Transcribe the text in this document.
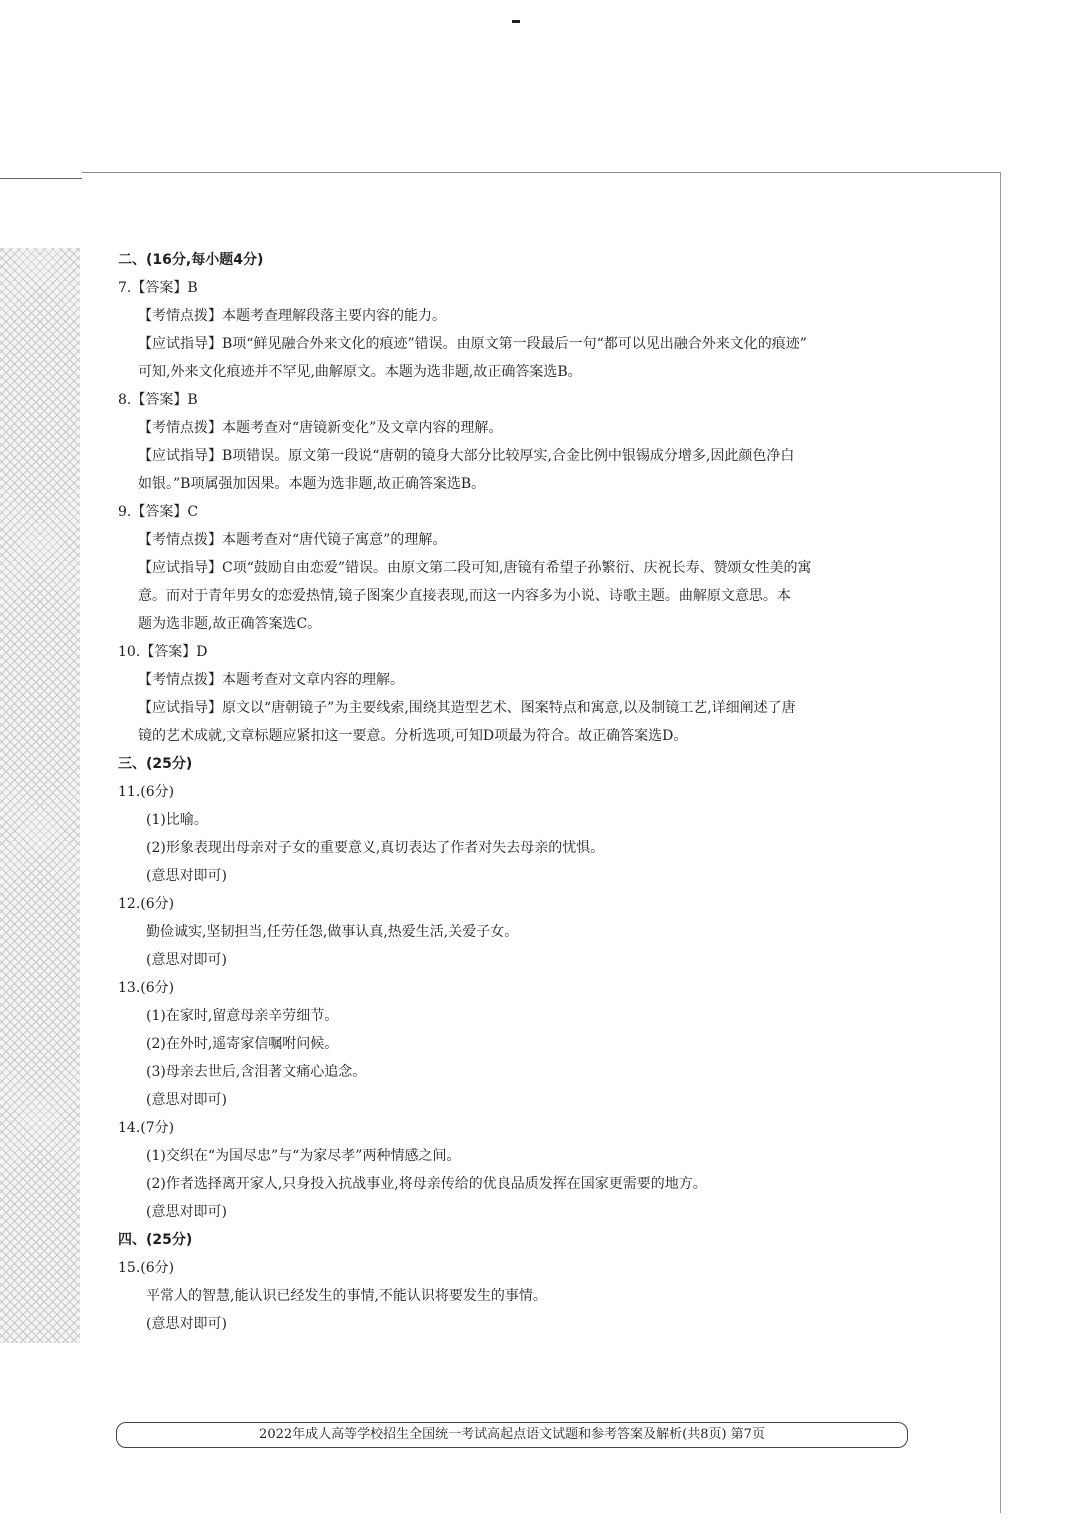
二、(16分,每小题4分)
7.【答案】B
【考情点拨】本题考查理解段落主要内容的能力。
【应试指导】B项“鲜见融合外来文化的痕迹”错误。由原文第一段最后一句“都可以见出融合外来文化的痕迹”
可知,外来文化痕迹并不罕见,曲解原文。本题为选非题,故正确答案选B。
8.【答案】B
【考情点拨】本题考查对“唐镜新变化”及文章内容的理解。
【应试指导】B项错误。原文第一段说“唐朝的镜身大部分比较厚实,合金比例中银锡成分增多,因此颜色净白
如银。”B项属强加因果。本题为选非题,故正确答案选B。
9.【答案】C
【考情点拨】本题考查对“唐代镜子寓意”的理解。
【应试指导】C项“鼓励自由恋爱”错误。由原文第二段可知,唐镜有希望子孙繁衍、庆祝长寿、赞颂女性美的寓
意。而对于青年男女的恋爱热情,镜子图案少直接表现,而这一内容多为小说、诗歌主题。曲解原文意思。本
题为选非题,故正确答案选C。
10.【答案】D
【考情点拨】本题考查对文章内容的理解。
【应试指导】原文以“唐朝镜子”为主要线索,围绕其造型艺术、图案特点和寓意,以及制镜工艺,详细阐述了唐
镜的艺术成就,文章标题应紧扣这一要意。分析选项,可知D项最为符合。故正确答案选D。
三、(25分)
11.(6分)
(1)比喻。
(2)形象表现出母亲对子女的重要意义,真切表达了作者对失去母亲的忧惧。
(意思对即可)
12.(6分)
勤俭诚实,坚韧担当,任劳任怨,做事认真,热爱生活,关爱子女。
(意思对即可)
13.(6分)
(1)在家时,留意母亲辛劳细节。
(2)在外时,遥寄家信嘱咐问候。
(3)母亲去世后,含泪著文痛心追念。
(意思对即可)
14.(7分)
(1)交织在“为国尽忠”与“为家尽孝”两种情感之间。
(2)作者选择离开家人,只身投入抗战事业,将母亲传给的优良品质发挥在国家更需要的地方。
(意思对即可)
四、(25分)
15.(6分)
平常人的智慧,能认识已经发生的事情,不能认识将要发生的事情。
(意思对即可)
2022年成人高等学校招生全国统一考试高起点语文试题和参考答案及解析(共8页) 第7页
